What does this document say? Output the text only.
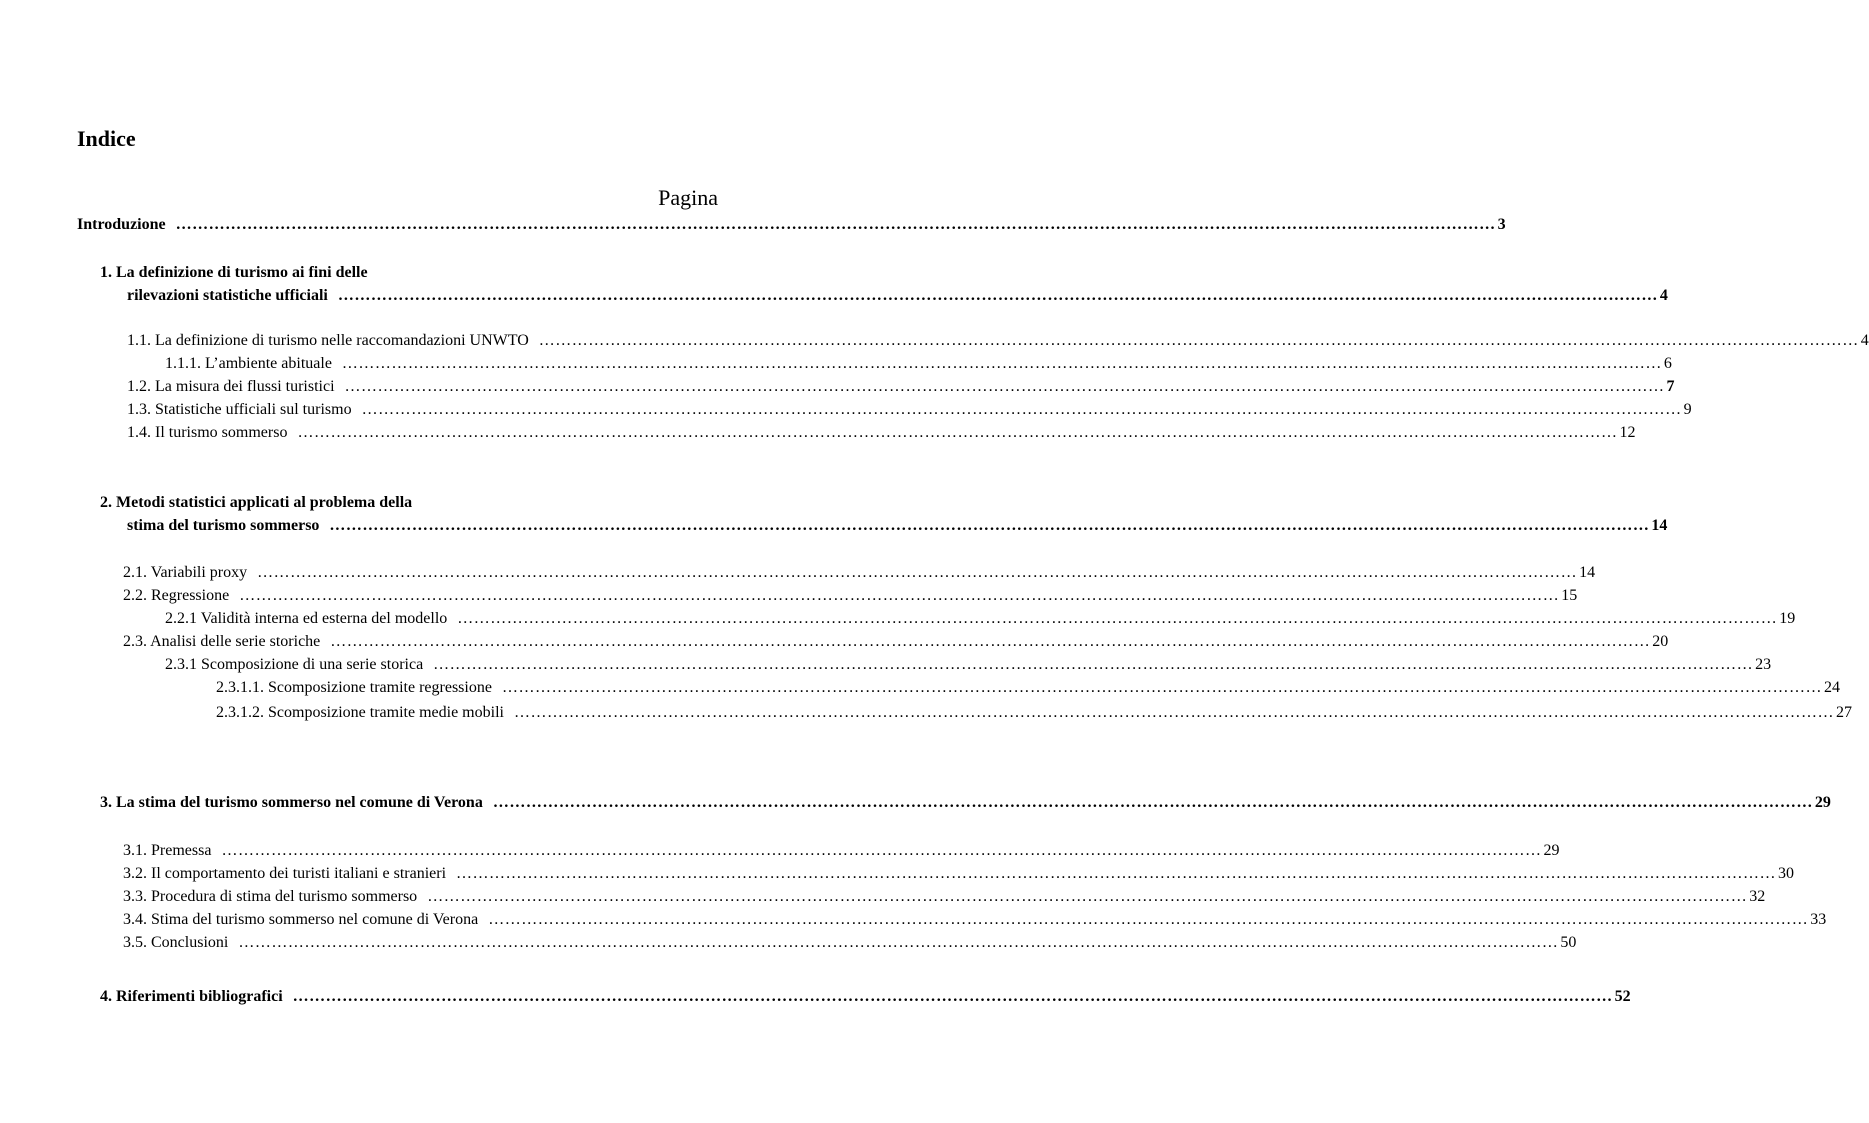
Indice
Pagina
Introduzione …………………………………………………………………………………………………………………………………………………………………………………………………………………… 3
1. La definizione di turismo ai fini delle
rilevazioni statistiche ufficiali …………………………………………………………………………………………………………………………………………………………………………………………………………………… 4
1.1. La definizione di turismo nelle raccomandazioni UNWTO …………………………………………………………………………………………………………………………………………………………………………………………………………………… 4
1.1.1. L’ambiente abituale …………………………………………………………………………………………………………………………………………………………………………………………………………………… 6
1.2. La misura dei flussi turistici …………………………………………………………………………………………………………………………………………………………………………………………………………………… 7
1.3. Statistiche ufficiali sul turismo …………………………………………………………………………………………………………………………………………………………………………………………………………………… 9
1.4. Il turismo sommerso …………………………………………………………………………………………………………………………………………………………………………………………………………………… 12
2. Metodi statistici applicati al problema della
stima del turismo sommerso …………………………………………………………………………………………………………………………………………………………………………………………………………………… 14
2.1. Variabili proxy …………………………………………………………………………………………………………………………………………………………………………………………………………………… 14
2.2. Regressione …………………………………………………………………………………………………………………………………………………………………………………………………………………… 15
2.2.1 Validità interna ed esterna del modello …………………………………………………………………………………………………………………………………………………………………………………………………………………… 19
2.3. Analisi delle serie storiche …………………………………………………………………………………………………………………………………………………………………………………………………………………… 20
2.3.1 Scomposizione di una serie storica …………………………………………………………………………………………………………………………………………………………………………………………………………………… 23
2.3.1.1. Scomposizione tramite regressione …………………………………………………………………………………………………………………………………………………………………………………………………………………… 24
2.3.1.2. Scomposizione tramite medie mobili …………………………………………………………………………………………………………………………………………………………………………………………………………………… 27
3. La stima del turismo sommerso nel comune di Verona …………………………………………………………………………………………………………………………………………………………………………………………………………………… 29
3.1. Premessa …………………………………………………………………………………………………………………………………………………………………………………………………………………… 29
3.2. Il comportamento dei turisti italiani e stranieri …………………………………………………………………………………………………………………………………………………………………………………………………………………… 30
3.3. Procedura di stima del turismo sommerso …………………………………………………………………………………………………………………………………………………………………………………………………………………… 32
3.4. Stima del turismo sommerso nel comune di Verona …………………………………………………………………………………………………………………………………………………………………………………………………………………… 33
3.5. Conclusioni …………………………………………………………………………………………………………………………………………………………………………………………………………………… 50
4. Riferimenti bibliografici …………………………………………………………………………………………………………………………………………………………………………………………………………………… 52
